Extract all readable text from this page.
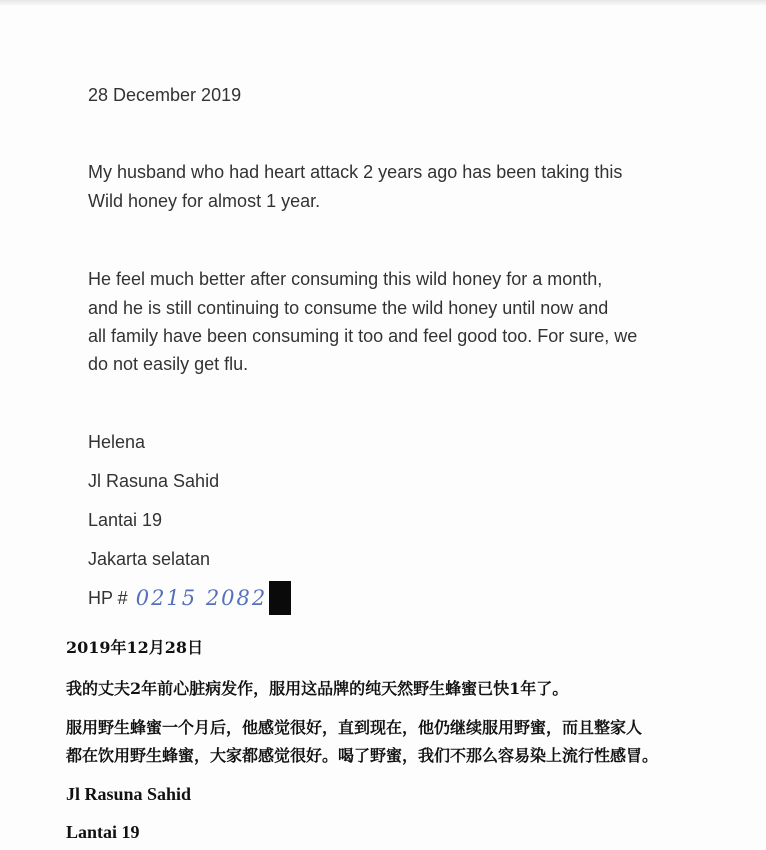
28 December 2019

My husband who had heart attack 2 years ago has been taking this

Wild honey for almost 1 year.

He feel much better after consuming this wild honey for a month,

and he is still continuing to consume the wild honey until now and

all family have been consuming it too and feel good too. For sure, we

do not easily get flu.

Helena

Jl Rasuna Sahid

Lantai 19

Jakarta selatan

HP # 0215 2082

2019年12月28日

我的丈夫2年前心脏病发作，服用这品牌的纯天然野生蜂蜜已快1年了。

服用野生蜂蜜一个月后，他感觉很好，直到现在，他仍继续服用野蜜，而且整家人

都在饮用野生蜂蜜，大家都感觉很好。喝了野蜜，我们不那么容易染上流行性感冒。

Jl Rasuna Sahid

Lantai 19
